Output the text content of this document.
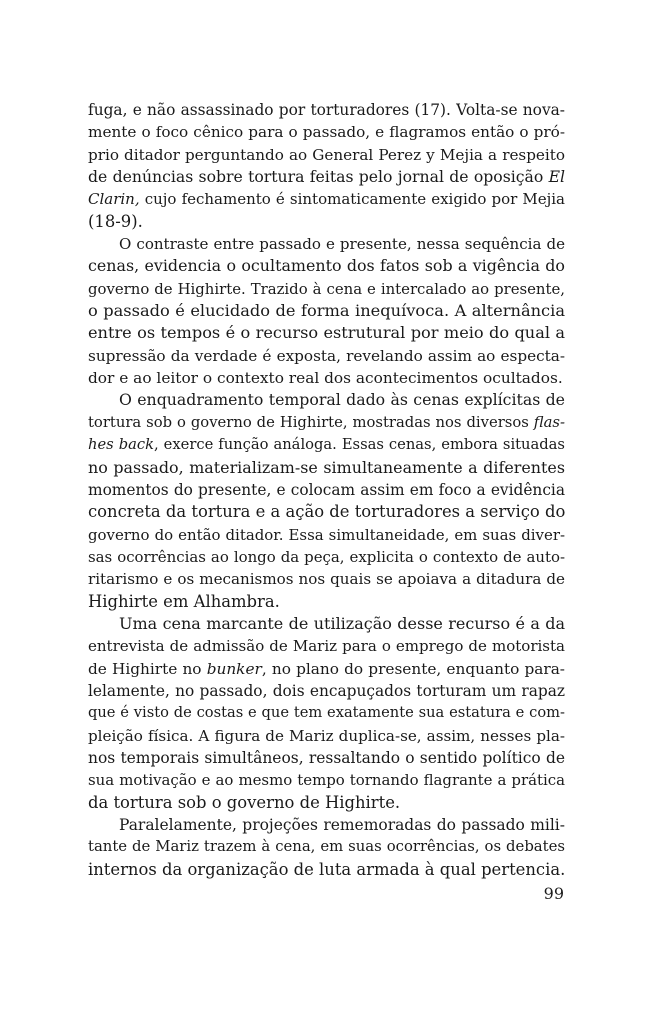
fuga, e não assassinado por torturadores (17). Volta-se nova-
mente o foco cênico para o passado, e flagramos então o pró-
prio ditador perguntando ao General Perez y Mejia a respeito
de denúncias sobre tortura feitas pelo jornal de oposição El
Clarin, cujo fechamento é sintomaticamente exigido por Mejia
(18-9).
O contraste entre passado e presente, nessa sequência de
cenas, evidencia o ocultamento dos fatos sob a vigência do
governo de Highirte. Trazido à cena e intercalado ao presente,
o passado é elucidado de forma inequívoca. A alternância
entre os tempos é o recurso estrutural por meio do qual a
supressão da verdade é exposta, revelando assim ao especta-
dor e ao leitor o contexto real dos acontecimentos ocultados.
O enquadramento temporal dado às cenas explícitas de
tortura sob o governo de Highirte, mostradas nos diversos flas-
hes back, exerce função análoga. Essas cenas, embora situadas
no passado, materializam-se simultaneamente a diferentes
momentos do presente, e colocam assim em foco a evidência
concreta da tortura e a ação de torturadores a serviço do
governo do então ditador. Essa simultaneidade, em suas diver-
sas ocorrências ao longo da peça, explicita o contexto de auto-
ritarismo e os mecanismos nos quais se apoiava a ditadura de
Highirte em Alhambra.
Uma cena marcante de utilização desse recurso é a da
entrevista de admissão de Mariz para o emprego de motorista
de Highirte no bunker, no plano do presente, enquanto para-
lelamente, no passado, dois encapuçados torturam um rapaz
que é visto de costas e que tem exatamente sua estatura e com-
pleição física. A figura de Mariz duplica-se, assim, nesses pla-
nos temporais simultâneos, ressaltando o sentido político de
sua motivação e ao mesmo tempo tornando flagrante a prática
da tortura sob o governo de Highirte.
Paralelamente, projeções rememoradas do passado mili-
tante de Mariz trazem à cena, em suas ocorrências, os debates
internos da organização de luta armada à qual pertencia.
99
